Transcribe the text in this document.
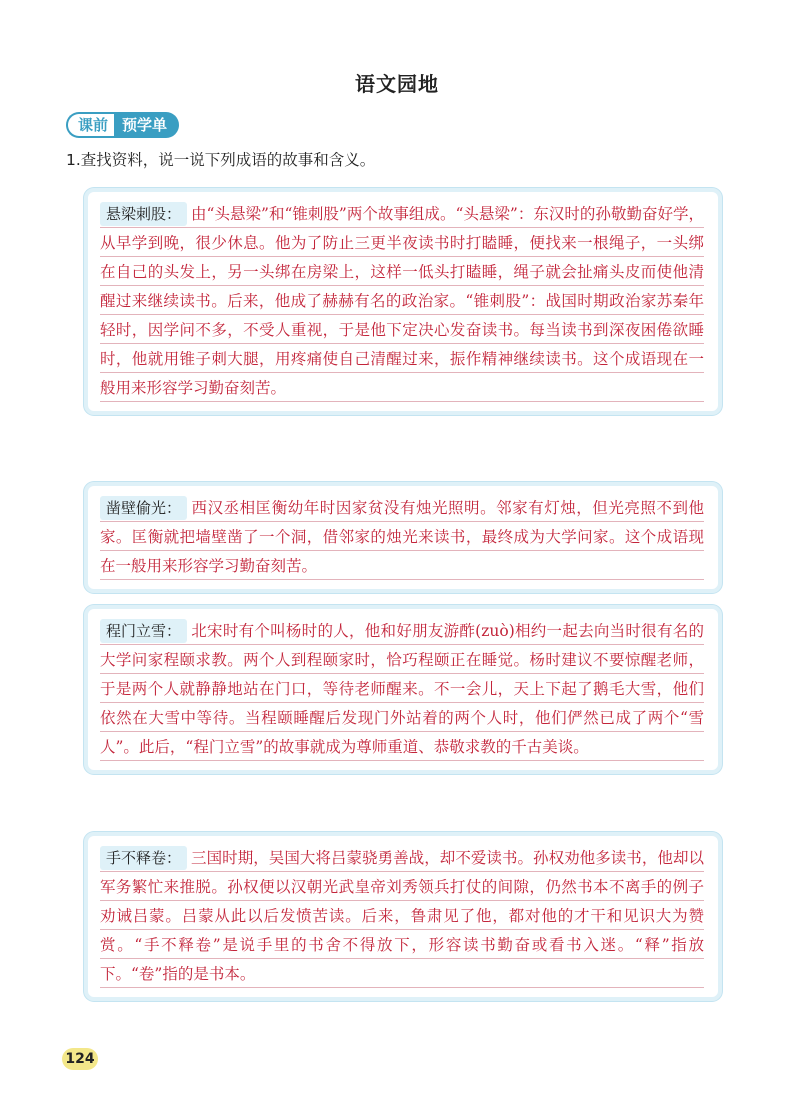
语文园地
课前 预学单
1.查找资料，说一说下列成语的故事和含义。
悬梁刺股： 由“头悬梁”和“锥刺股”两个故事组成。“头悬梁”：东汉时的孙敬勤奋好学，从早学到晚，很少休息。他为了防止三更半夜读书时打瞌睡，便找来一根绳子，一头绑在自己的头发上，另一头绑在房梁上，这样一低头打瞌睡，绳子就会扯痛头皮而使他清醒过来继续读书。后来，他成了赫赫有名的政治家。“锥刺股”：战国时期政治家苏秦年轻时，因学问不多，不受人重视，于是他下定决心发奋读书。每当读书到深夜困倦欲睡时，他就用锥子刺大腿，用疼痛使自己清醒过来，振作精神继续读书。这个成语现在一般用来形容学习勤奋刻苦。
凿壁偷光： 西汉丞相匡衡幼年时因家贫没有烛光照明。邻家有灯烛，但光亮照不到他家。匡衡就把墙壁凿了一个洞，借邻家的烛光来读书，最终成为大学问家。这个成语现在一般用来形容学习勤奋刻苦。
程门立雪： 北宋时有个叫杨时的人，他和好朋友游酢(zuò)相约一起去向当时很有名的大学问家程颐求教。两个人到程颐家时，恰巧程颐正在睡觉。杨时建议不要惊醒老师，于是两个人就静静地站在门口，等待老师醒来。不一会儿，天上下起了鹅毛大雪，他们依然在大雪中等待。当程颐睡醒后发现门外站着的两个人时，他们俨然已成了两个“雪人”。此后，“程门立雪”的故事就成为尊师重道、恭敬求教的千古美谈。
手不释卷： 三国时期，吴国大将吕蒙骁勇善战，却不爱读书。孙权劝他多读书，他却以军务繁忙来推脱。孙权便以汉朝光武皇帝刘秀领兵打仗的间隙，仍然书本不离手的例子劝诫吕蒙。吕蒙从此以后发愤苦读。后来，鲁肃见了他，都对他的才干和见识大为赞赏。“手不释卷”是说手里的书舍不得放下，形容读书勤奋或看书入迷。“释”指放下。“卷”指的是书本。
124
